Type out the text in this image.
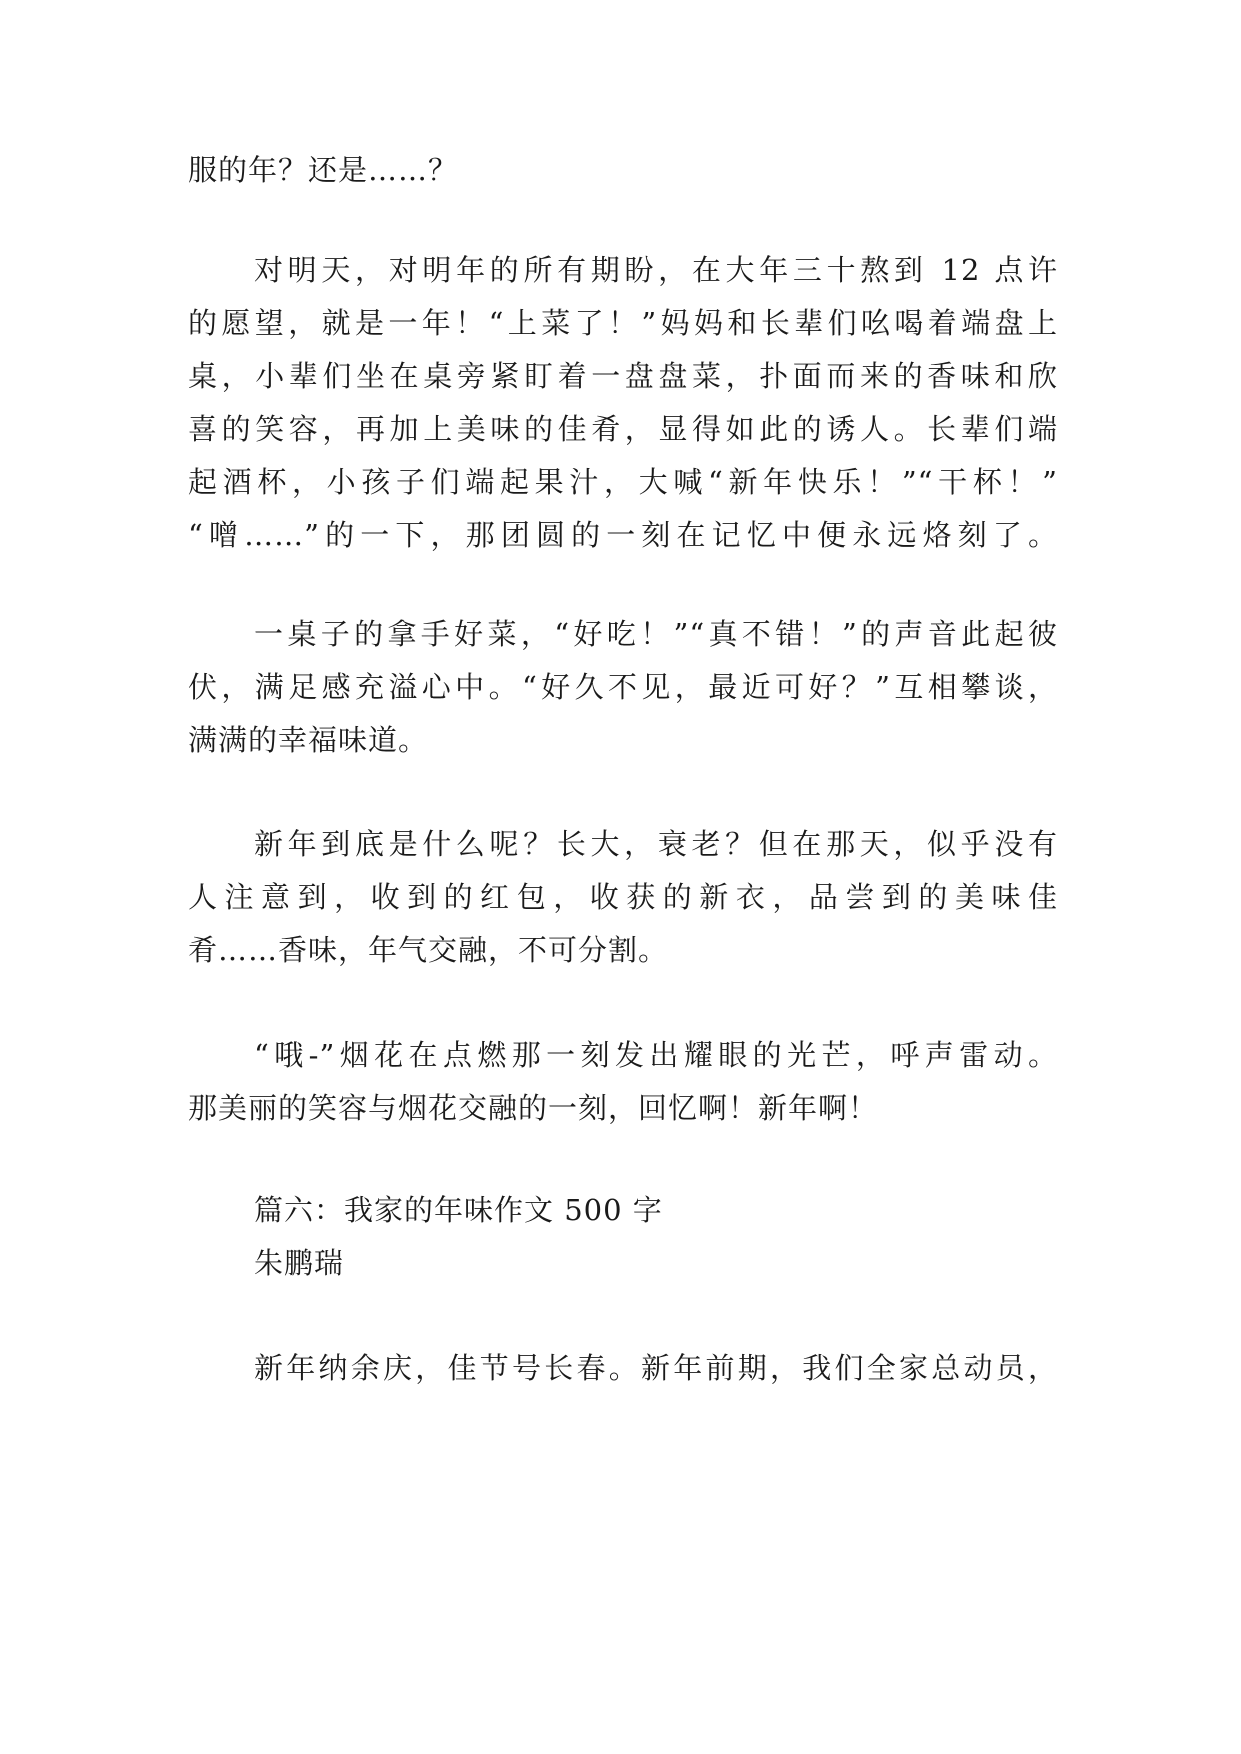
服的年？还是……？
对明天，对明年的所有期盼，在大年三十熬到 12 点许
的愿望，就是一年！“上菜了！”妈妈和长辈们吆喝着端盘上
桌，小辈们坐在桌旁紧盯着一盘盘菜，扑面而来的香味和欣
喜的笑容，再加上美味的佳肴，显得如此的诱人。长辈们端
起酒杯，小孩子们端起果汁，大喊“新年快乐！”“干杯！”
“噌……”的一下，那团圆的一刻在记忆中便永远烙刻了。
一桌子的拿手好菜，“好吃！”“真不错！”的声音此起彼
伏，满足感充溢心中。“好久不见，最近可好？”互相攀谈，
满满的幸福味道。
新年到底是什么呢？长大，衰老？但在那天，似乎没有
人注意到，收到的红包，收获的新衣，品尝到的美味佳
肴……香味，年气交融，不可分割。
“哦-”烟花在点燃那一刻发出耀眼的光芒，呼声雷动。
那美丽的笑容与烟花交融的一刻，回忆啊！新年啊！
篇六：我家的年味作文 500 字
朱鹏瑞
新年纳余庆，佳节号长春。新年前期，我们全家总动员，
